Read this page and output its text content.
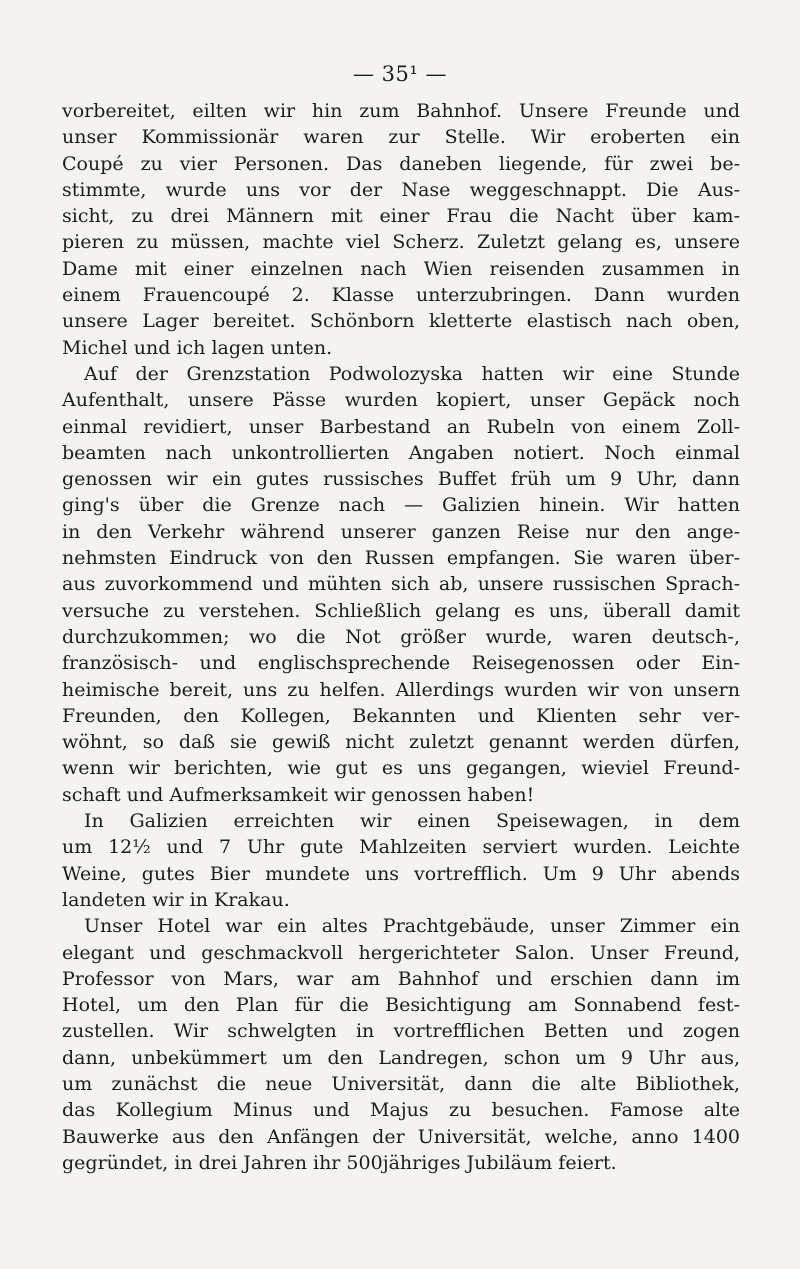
— 35¹ —
vorbereitet, eilten wir hin zum Bahnhof. Unsere Freunde und
unser Kommissionär waren zur Stelle. Wir eroberten ein
Coupé zu vier Personen. Das daneben liegende, für zwei be-
stimmte, wurde uns vor der Nase weggeschnappt. Die Aus-
sicht, zu drei Männern mit einer Frau die Nacht über kam-
pieren zu müssen, machte viel Scherz. Zuletzt gelang es, unsere
Dame mit einer einzelnen nach Wien reisenden zusammen in
einem Frauencoupé 2. Klasse unterzubringen. Dann wurden
unsere Lager bereitet. Schönborn kletterte elastisch nach oben,
Michel und ich lagen unten.
Auf der Grenzstation Podwolozyska hatten wir eine Stunde
Aufenthalt, unsere Pässe wurden kopiert, unser Gepäck noch
einmal revidiert, unser Barbestand an Rubeln von einem Zoll-
beamten nach unkontrollierten Angaben notiert. Noch einmal
genossen wir ein gutes russisches Buffet früh um 9 Uhr, dann
ging's über die Grenze nach — Galizien hinein. Wir hatten
in den Verkehr während unserer ganzen Reise nur den ange-
nehmsten Eindruck von den Russen empfangen. Sie waren über-
aus zuvorkommend und mühten sich ab, unsere russischen Sprach-
versuche zu verstehen. Schließlich gelang es uns, überall damit
durchzukommen; wo die Not größer wurde, waren deutsch-,
französisch- und englischsprechende Reisegenossen oder Ein-
heimische bereit, uns zu helfen. Allerdings wurden wir von unsern
Freunden, den Kollegen, Bekannten und Klienten sehr ver-
wöhnt, so daß sie gewiß nicht zuletzt genannt werden dürfen,
wenn wir berichten, wie gut es uns gegangen, wieviel Freund-
schaft und Aufmerksamkeit wir genossen haben!
In Galizien erreichten wir einen Speisewagen, in dem
um 12½ und 7 Uhr gute Mahlzeiten serviert wurden. Leichte
Weine, gutes Bier mundete uns vortrefflich. Um 9 Uhr abends
landeten wir in Krakau.
Unser Hotel war ein altes Prachtgebäude, unser Zimmer ein
elegant und geschmackvoll hergerichteter Salon. Unser Freund,
Professor von Mars, war am Bahnhof und erschien dann im
Hotel, um den Plan für die Besichtigung am Sonnabend fest-
zustellen. Wir schwelgten in vortrefflichen Betten und zogen
dann, unbekümmert um den Landregen, schon um 9 Uhr aus,
um zunächst die neue Universität, dann die alte Bibliothek,
das Kollegium Minus und Majus zu besuchen. Famose alte
Bauwerke aus den Anfängen der Universität, welche, anno 1400
gegründet, in drei Jahren ihr 500jähriges Jubiläum feiert.
